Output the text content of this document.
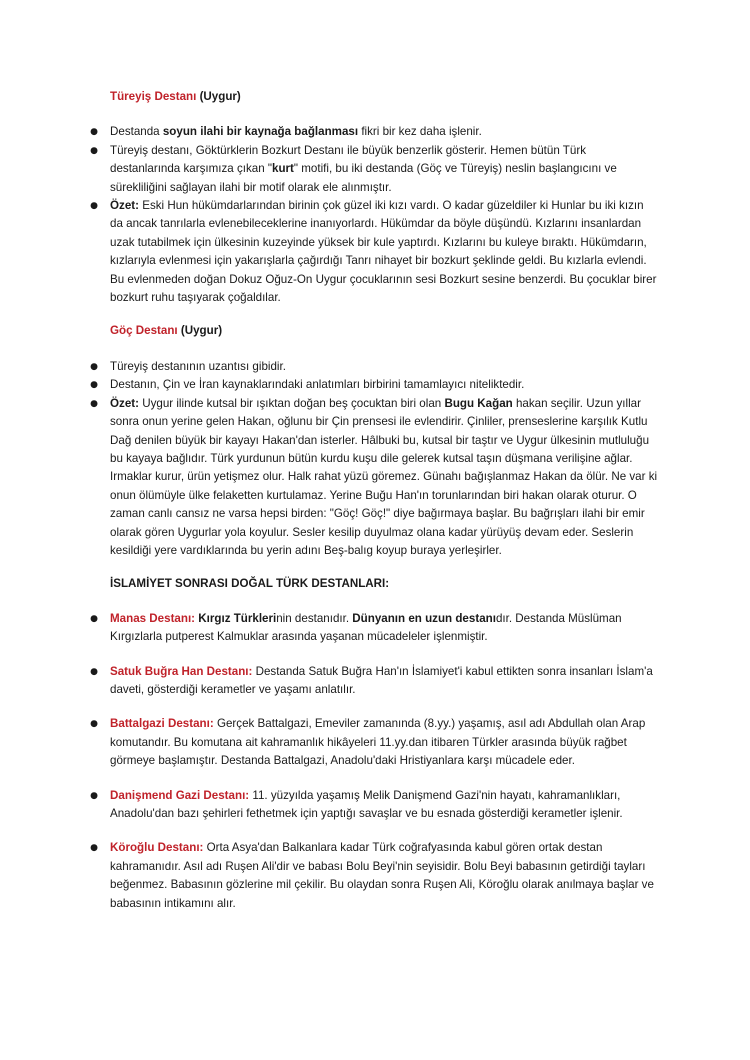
Türeyiş Destanı (Uygur)

● Destanda soyun ilahi bir kaynağa bağlanması fikri bir kez daha işlenir.
● Türeyiş destanı, Göktürklerin Bozkurt Destanı ile büyük benzerlik gösterir. Hemen bütün Türk destanlarında karşımıza çıkan "kurt" motifi, bu iki destanda (Göç ve Türeyiş) neslin başlangıcını ve sürekliliğini sağlayan ilahi bir motif olarak ele alınmıştır.
● Özet: Eski Hun hükümdarlarından birinin çok güzel iki kızı vardı. O kadar güzeldiler ki Hunlar bu iki kızın da ancak tanrılarla evlenebileceklerine inanıyorlardı. Hükümdar da böyle düşündü. Kızlarını insanlardan uzak tutabilmek için ülkesinin kuzeyinde yüksek bir kule yaptırdı. Kızlarını bu kuleye bıraktı. Hükümdarın, kızlarıyla evlenmesi için yakarışlarla çağırdığı Tanrı nihayet bir bozkurt şeklinde geldi. Bu kızlarla evlendi. Bu evlenmeden doğan Dokuz Oğuz-On Uygur çocuklarının sesi Bozkurt sesine benzerdi. Bu çocuklar birer bozkurt ruhu taşıyarak çoğaldılar.

Göç Destanı (Uygur)

● Türeyiş destanının uzantısı gibidir.
● Destanın, Çin ve İran kaynaklarındaki anlatımları birbirini tamamlayıcı niteliktedir.
● Özet: Uygur ilinde kutsal bir ışıktan doğan beş çocuktan biri olan Bugu Kağan hakan seçilir. Uzun yıllar sonra onun yerine gelen Hakan, oğlunu bir Çin prensesi ile evlendirir. Çinliler, prenseslerine karşılık Kutlu Dağ denilen büyük bir kayayı Hakan'dan isterler. Hâlbuki bu, kutsal bir taştır ve Uygur ülkesinin mutluluğu bu kayaya bağlıdır. Türk yurdunun bütün kurdu kuşu dile gelerek kutsal taşın düşmana verilişine ağlar. Irmaklar kurur, ürün yetişmez olur. Halk rahat yüzü göremez. Günahı bağışlanmaz Hakan da ölür. Ne var ki onun ölümüyle ülke felaketten kurtulamaz. Yerine Buğu Han'ın torunlarından biri hakan olarak oturur. O zaman canlı cansız ne varsa hepsi birden: "Göç! Göç!" diye bağırmaya başlar. Bu bağrışları ilahi bir emir olarak gören Uygurlar yola koyulur. Sesler kesilip duyulmaz olana kadar yürüyüş devam eder. Seslerin kesildiği yere vardıklarında bu yerin adını Beş-balıg koyup buraya yerleşirler.

İSLAMİYET SONRASI DOĞAL TÜRK DESTANLARI:

● Manas Destanı: Kırgız Türklerinin destanıdır. Dünyanın en uzun destanıdır. Destanda Müslüman Kırgızlarla putperest Kalmuklar arasında yaşanan mücadeleler işlenmiştir.
● Satuk Buğra Han Destanı: Destanda Satuk Buğra Han'ın İslamiyet'i kabul ettikten sonra insanları İslam'a daveti, gösterdiği kerametler ve yaşamı anlatılır.
● Battalgazi Destanı: Gerçek Battalgazi, Emeviler zamanında (8.yy.) yaşamış, asıl adı Abdullah olan Arap komutandır. Bu komutana ait kahramanlık hikâyeleri 11.yy.dan itibaren Türkler arasında büyük rağbet görmeye başlamıştır. Destanda Battalgazi, Anadolu'daki Hristiyanlara karşı mücadele eder.
● Danişmend Gazi Destanı: 11. yüzyılda yaşamış Melik Danişmend Gazi'nin hayatı, kahramanlıkları, Anadolu'dan bazı şehirleri fethetmek için yaptığı savaşlar ve bu esnada gösterdiği kerametler işlenir.
● Köroğlu Destanı: Orta Asya'dan Balkanlara kadar Türk coğrafyasında kabul gören ortak destan kahramanıdır. Asıl adı Ruşen Ali'dir ve babası Bolu Beyi'nin seyisidir. Bolu Beyi babasının getirdiği tayları beğenmez. Babasının gözlerine mil çekilir. Bu olaydan sonra Ruşen Ali, Köroğlu olarak anılmaya başlar ve babasının intikamını alır.
